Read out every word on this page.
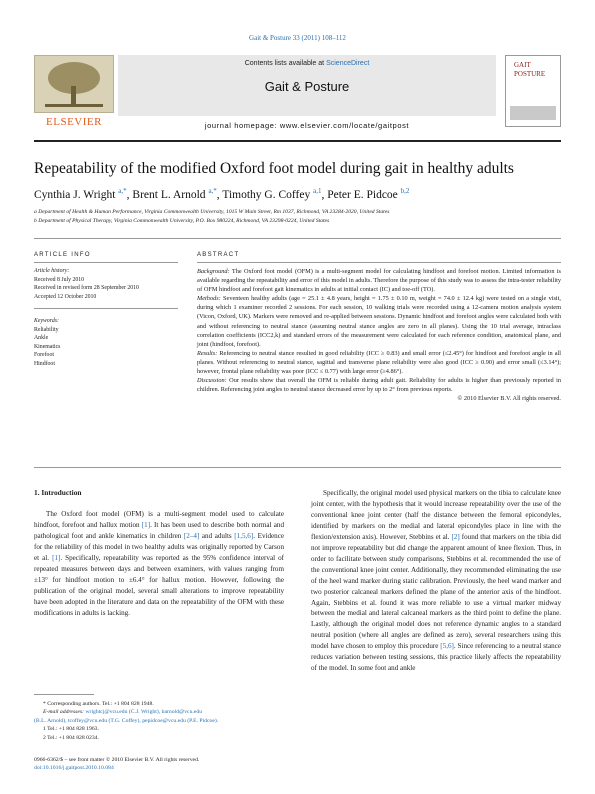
Gait & Posture 33 (2011) 108–112
ELSEVIER
Contents lists available at ScienceDirect
Gait & Posture
journal homepage: www.elsevier.com/locate/gaitpost
GAIT POSTURE
Repeatability of the modified Oxford foot model during gait in healthy adults
Cynthia J. Wright $^{a,*}$, Brent L. Arnold $^{a,*}$, Timothy G. Coffey $^{a,1}$, Peter E. Pidcoe $^{b,2}$
a Department of Health & Human Performance, Virginia Commonwealth University, 1015 W Main Street, Rm 1037, Richmond, VA 23284-2020, United States
b Department of Physical Therapy, Virginia Commonwealth University, P.O. Box 980224, Richmond, VA 23298-0224, United States
ARTICLE INFO	ABSTRACT
Article history:
Received 8 July 2010
Received in revised form 28 September 2010
Accepted 12 October 2010
Keywords:
Reliability
Ankle
Kinematics
Forefoot
Hindfoot

Background: The Oxford foot model (OFM) is a multi-segment model for calculating hindfoot and forefoot motion. Limited information is available regarding the repeatability and error of this model in adults. Therefore the purpose of this study was to assess the intra-tester reliability of OFM hindfoot and forefoot gait kinematics in adults at initial contact (IC) and toe-off (TO).

Methods: Seventeen healthy adults (age = 25.1 ± 4.8 years, height = 1.75 ± 0.10 m, weight = 74.0 ± 12.4 kg) were tested on a single visit, during which 1 examiner recorded 2 sessions. For each session, 10 walking trials were recorded using a 12-camera motion analysis system (Vicon, Oxford, UK). Markers were removed and re-applied between sessions. Dynamic hindfoot and forefoot angles were calculated both with and without referencing to neutral stance (assuming neutral stance angles are zero in all planes). Using the 10 trial average, intraclass correlation coefficients (ICC2,k) and standard errors of the measurement were calculated for each reference condition, anatomical plane, and joint (hindfoot, forefoot).

Results: Referencing to neutral stance resulted in good reliability (ICC ≥ 0.83) and small error (≤2.45°) for hindfoot and forefoot angle in all planes. Without referencing to neutral stance, sagittal and transverse plane reliability were also good (ICC ≥ 0.90) and error small (≤3.14°); however, frontal plane reliability was poor (ICC ≤ 0.77) with large error (≥4.86°).

Discussion: Our results show that overall the OFM is reliable during adult gait. Reliability for adults is higher than previously reported in children. Referencing joint angles to neutral stance decreased error by up to 2° from previous reports.

© 2010 Elsevier B.V. All rights reserved.

1. Introduction

The Oxford foot model (OFM) is a multi-segment model used to calculate hindfoot, forefoot and hallux motion [1]. It has been used to describe both normal and pathological foot and ankle kinematics in children [2–4] and adults [1,5,6]. Evidence for the reliability of this model in two healthy adults was originally reported by Carson et al. [1]. Specifically, repeatability was reported as the 95% confidence interval of repeated measures between days and between examiners, with values ranging from ±13° for hindfoot motion to ±6.4° for hallux motion. However, following the publication of the original model, several small alterations to improve repeatability have been adopted in the literature and data on the repeatability of the OFM with these modifications in adults is lacking.

Specifically, the original model used physical markers on the tibia to calculate knee joint center, with the hypothesis that it would increase repeatability over the use of the conventional knee joint center (half the distance between the femoral epicondyles, identified by markers on the medial and lateral epicondyles place in line with the flexion/extension axis). However, Stebbins et al. [2] found that markers on the tibia did not improve repeatability but did change the apparent amount of knee flexion. Thus, in order to facilitate between study comparisons, Stebbins et al. recommended the use of the conventional knee joint center. Additionally, they recommended eliminating the use of the heel wand marker during static calibration. Previously, the heel wand marker and two posterior calcaneal markers defined the plane of the anterior axis of the hindfoot. Again, Stebbins et al. found it was more reliable to use a virtual marker midway between the medial and lateral calcaneal markers as the third point to define the plane. Lastly, although the original model does not reference dynamic angles to a standard neutral position (where all angles are defined as zero), several researchers using this model have chosen to employ this procedure [5,6]. Since referencing to a neutral stance reduces variation between testing sessions, this practice likely affects the repeatability of the model. In some foot and ankle

* Corresponding authors. Tel.: +1 804 828 1948.

E-mail addresses: wrightcj@vcu.edu (C.J. Wright), barnold@vcu.edu

(B.L. Arnold), tcoffey@vcu.edu (T.G. Coffey), pepidcoe@vcu.edu (P.E. Pidcoe).

1 Tel.: +1 804 828 1963.

2 Tel.: +1 804 828 0234.

0966-6362/$ – see front matter © 2010 Elsevier B.V. All rights reserved.
doi:10.1016/j.gaitpost.2010.10.084
